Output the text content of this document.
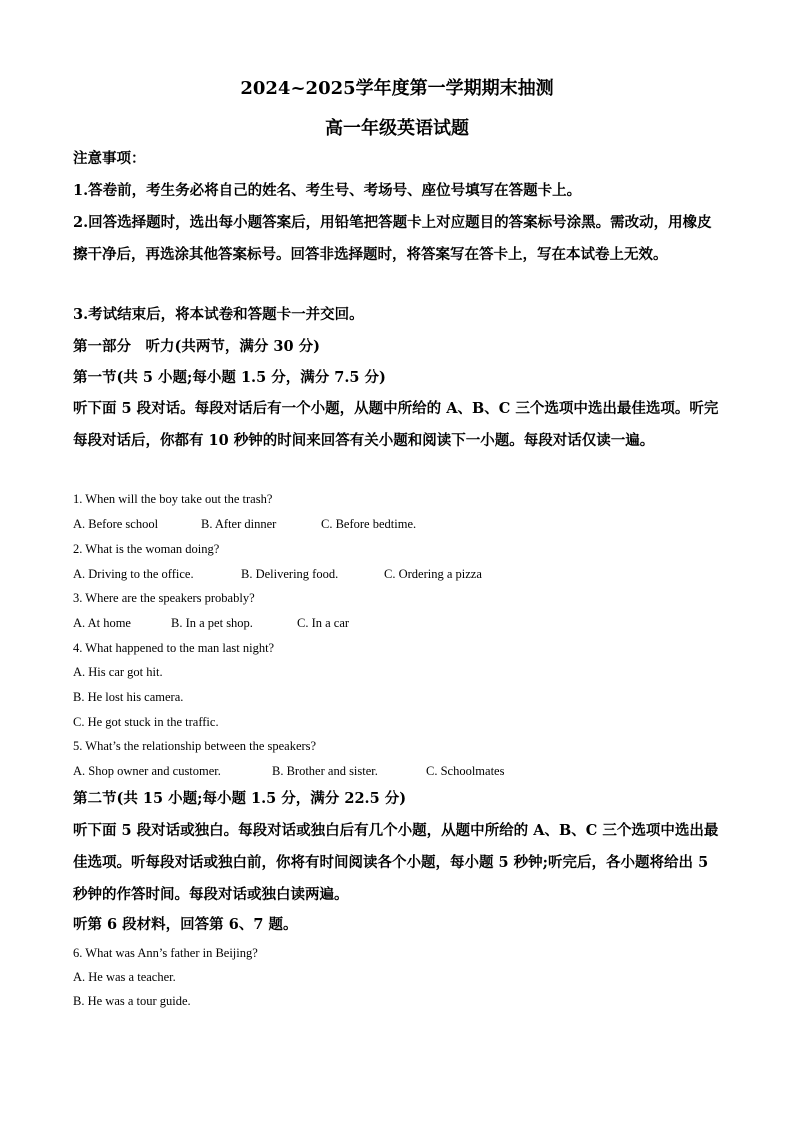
2024~2025学年度第一学期期末抽测
高一年级英语试题

注意事项：

1.答卷前，考生务必将自己的姓名、考生号、考场号、座位号填写在答题卡上。

2.回答选择题时，选出每小题答案后，用铅笔把答题卡上对应题目的答案标号涂黑。需改动，用橡皮擦干净后，再选涂其他答案标号。回答非选择题时，将答案写在答卡上，写在本试卷上无效。

3.考试结束后，将本试卷和答题卡一并交回。

第一部分　听力(共两节，满分 30 分)

第一节(共 5 小题;每小题 1.5 分，满分 7.5 分)

听下面 5 段对话。每段对话后有一个小题，从题中所给的 A、B、C 三个选项中选出最佳选项。听完每段对话后，你都有 10 秒钟的时间来回答有关小题和阅读下一小题。每段对话仅读一遍。

1. When will the boy take out the trash?

A. Before school	B. After dinner	C. Before bedtime.

2. What is the woman doing?

A. Driving to the office.	B. Delivering food.	C. Ordering a pizza

3. Where are the speakers probably?

A. At home	B. In a pet shop.	C. In a car

4. What happened to the man last night?

A. His car got hit.

B. He lost his camera.

C. He got stuck in the traffic.

5. What’s the relationship between the speakers?

A. Shop owner and customer.	B. Brother and sister.	C. Schoolmates

第二节(共 15 小题;每小题 1.5 分，满分 22.5 分)

听下面 5 段对话或独白。每段对话或独白后有几个小题，从题中所给的 A、B、C 三个选项中选出最佳选项。听每段对话或独白前，你将有时间阅读各个小题，每小题 5 秒钟;听完后，各小题将给出 5 秒钟的作答时间。每段对话或独白读两遍。

听第 6 段材料，回答第 6、7 题。

6. What was Ann’s father in Beijing?

A. He was a teacher.

B. He was a tour guide.
